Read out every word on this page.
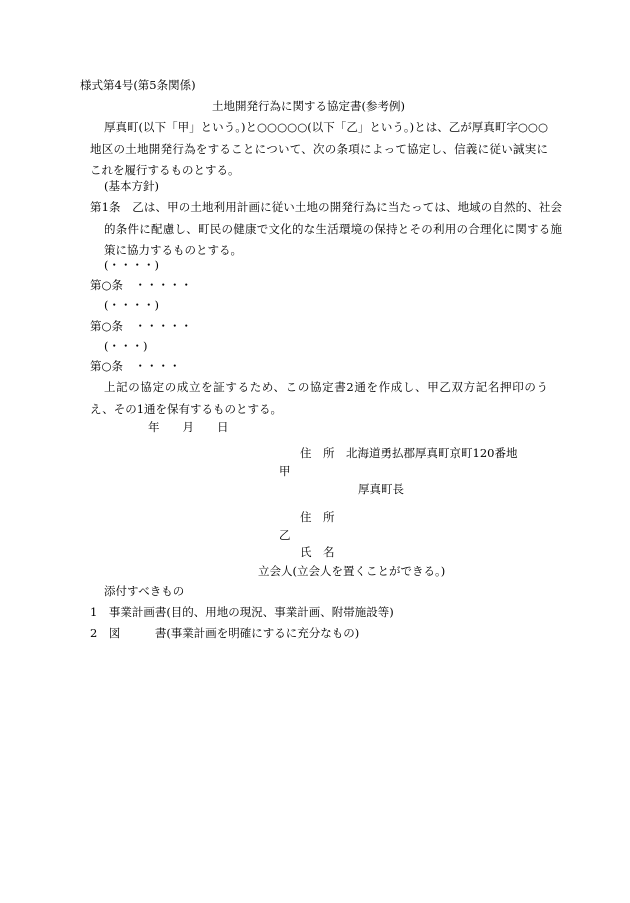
様式第4号(第5条関係)
土地開発行為に関する協定書(参考例)
厚真町(以下「甲」という。)と○○○○○(以下「乙」という。)とは、乙が厚真町字○○○地区の土地開発行為をすることについて、次の条項によって協定し、信義に従い誠実にこれを履行するものとする。
(基本方針)
第1条　乙は、甲の土地利用計画に従い土地の開発行為に当たっては、地域の自然的、社会的条件に配慮し、町民の健康で文化的な生活環境の保持とその利用の合理化に関する施策に協力するものとする。
(・・・・)
第○条　・・・・・
(・・・・)
第○条　・・・・・
(・・・)
第○条　・・・・
上記の協定の成立を証するため、この協定書2通を作成し、甲乙双方記名押印のうえ、その1通を保有するものとする。
年　　月　　日
住　所 北海道勇払郡厚真町京町120番地
甲
厚真町長
住　所
乙
氏　名
立会人(立会人を置くことができる。)
添付すべきもの
1　事業計画書(目的、用地の現況、事業計画、附帯施設等)
2　図　　　書(事業計画を明確にするに充分なもの)
